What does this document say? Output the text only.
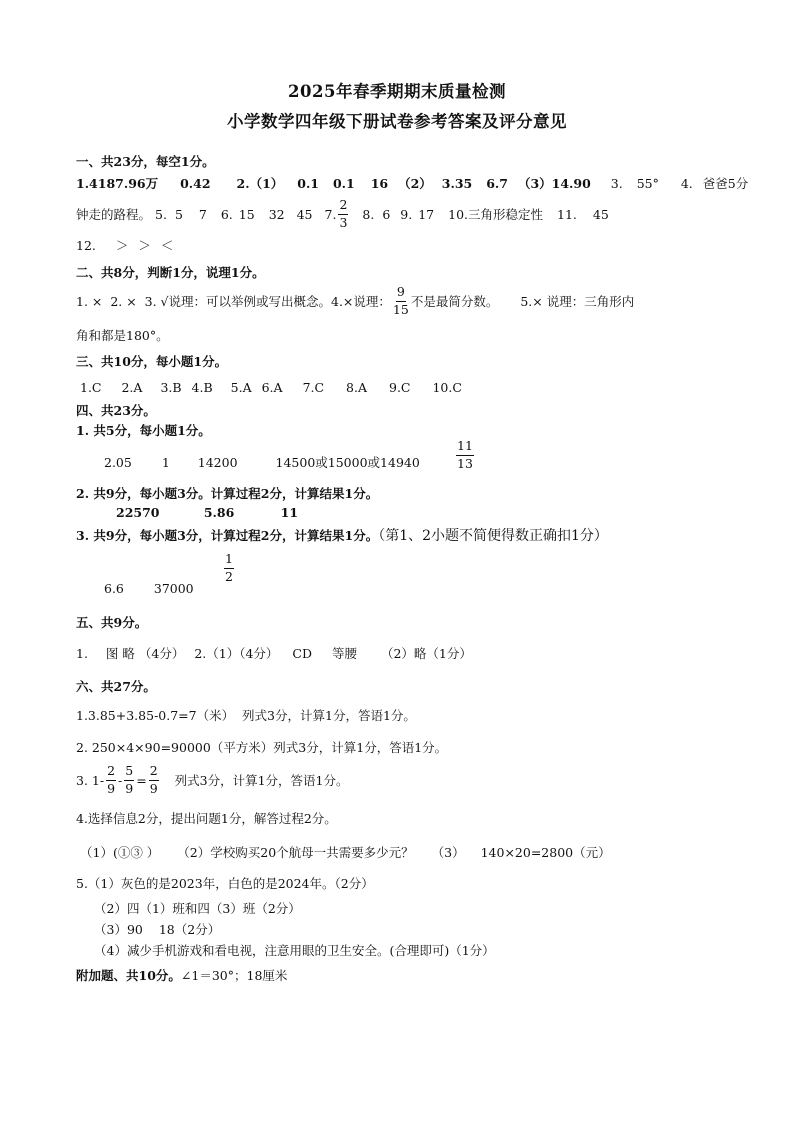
2025年春季期期末质量检测
小学数学四年级下册试卷参考答案及评分意见
一、共23分，每空1分。
1.4187.96万 0.42 2.（1） 0.1 0.1 16 （2） 3.35 6.7 （3）14.90 3. 55° 4. 爸爸5分
钟走的路程。 5. 5 7 6. 15 32 45 7. $\frac{2}{3} 8$. 6 9. 17 10.三角形稳定性 11. 45
12. ＞ ＞ ＜
二、共8分，判断1分，说理1分。
1. ×  2. ×  3. √说理：可以举例或写出概念。4.×说理： $\frac{9}{15}$ 不是最简分数。 5.× 说理：三角形内
角和都是180°。
三、共10分，每小题1分。
1.C 2.A 3.B 4.B 5.A 6.A 7.C 8.A 9.C 10.C
四、共23分。
1. 共5分，每小题1分。
2.05 1 14200	14500或15000或14940	$\frac{11}{13}$
2. 共9分，每小题3分。计算过程2分，计算结果1分。
22570	5.86	11
3. 共9分，每小题3分，计算过程2分，计算结果1分。（第1、2小题不简便得数正确扣1分）
$\frac{1}{2}$
6.6 37000
五、共9分。
1. 图 略 （4分） 2.（1）（4分） CD 等腰 （2）略（1分）
六、共27分。
1.3.85+3.85-0.7=7（米）  列式3分，计算1分，答语1分。
2. 250×4×90=90000（平方米）列式3分，计算1分，答语1分。
3. $1- \frac{2}{9} - \frac{5}{9} = \frac{2}{9}$ 列式3分，计算1分，答语1分。
4.选择信息2分，提出问题1分，解答过程2分。
（1）(①③ ） （2）学校购买20个航母一共需要多少元？ （3） 140×20=2800（元）
5.（1）灰色的是2023年，白色的是2024年。（2分）
（2）四（1）班和四（3）班（2分）
（3）90 18（2分）
（4）减少手机游戏和看电视，注意用眼的卫生安全。(合理即可)（1分）
附加题、共10分。∠1＝30°；18厘米
